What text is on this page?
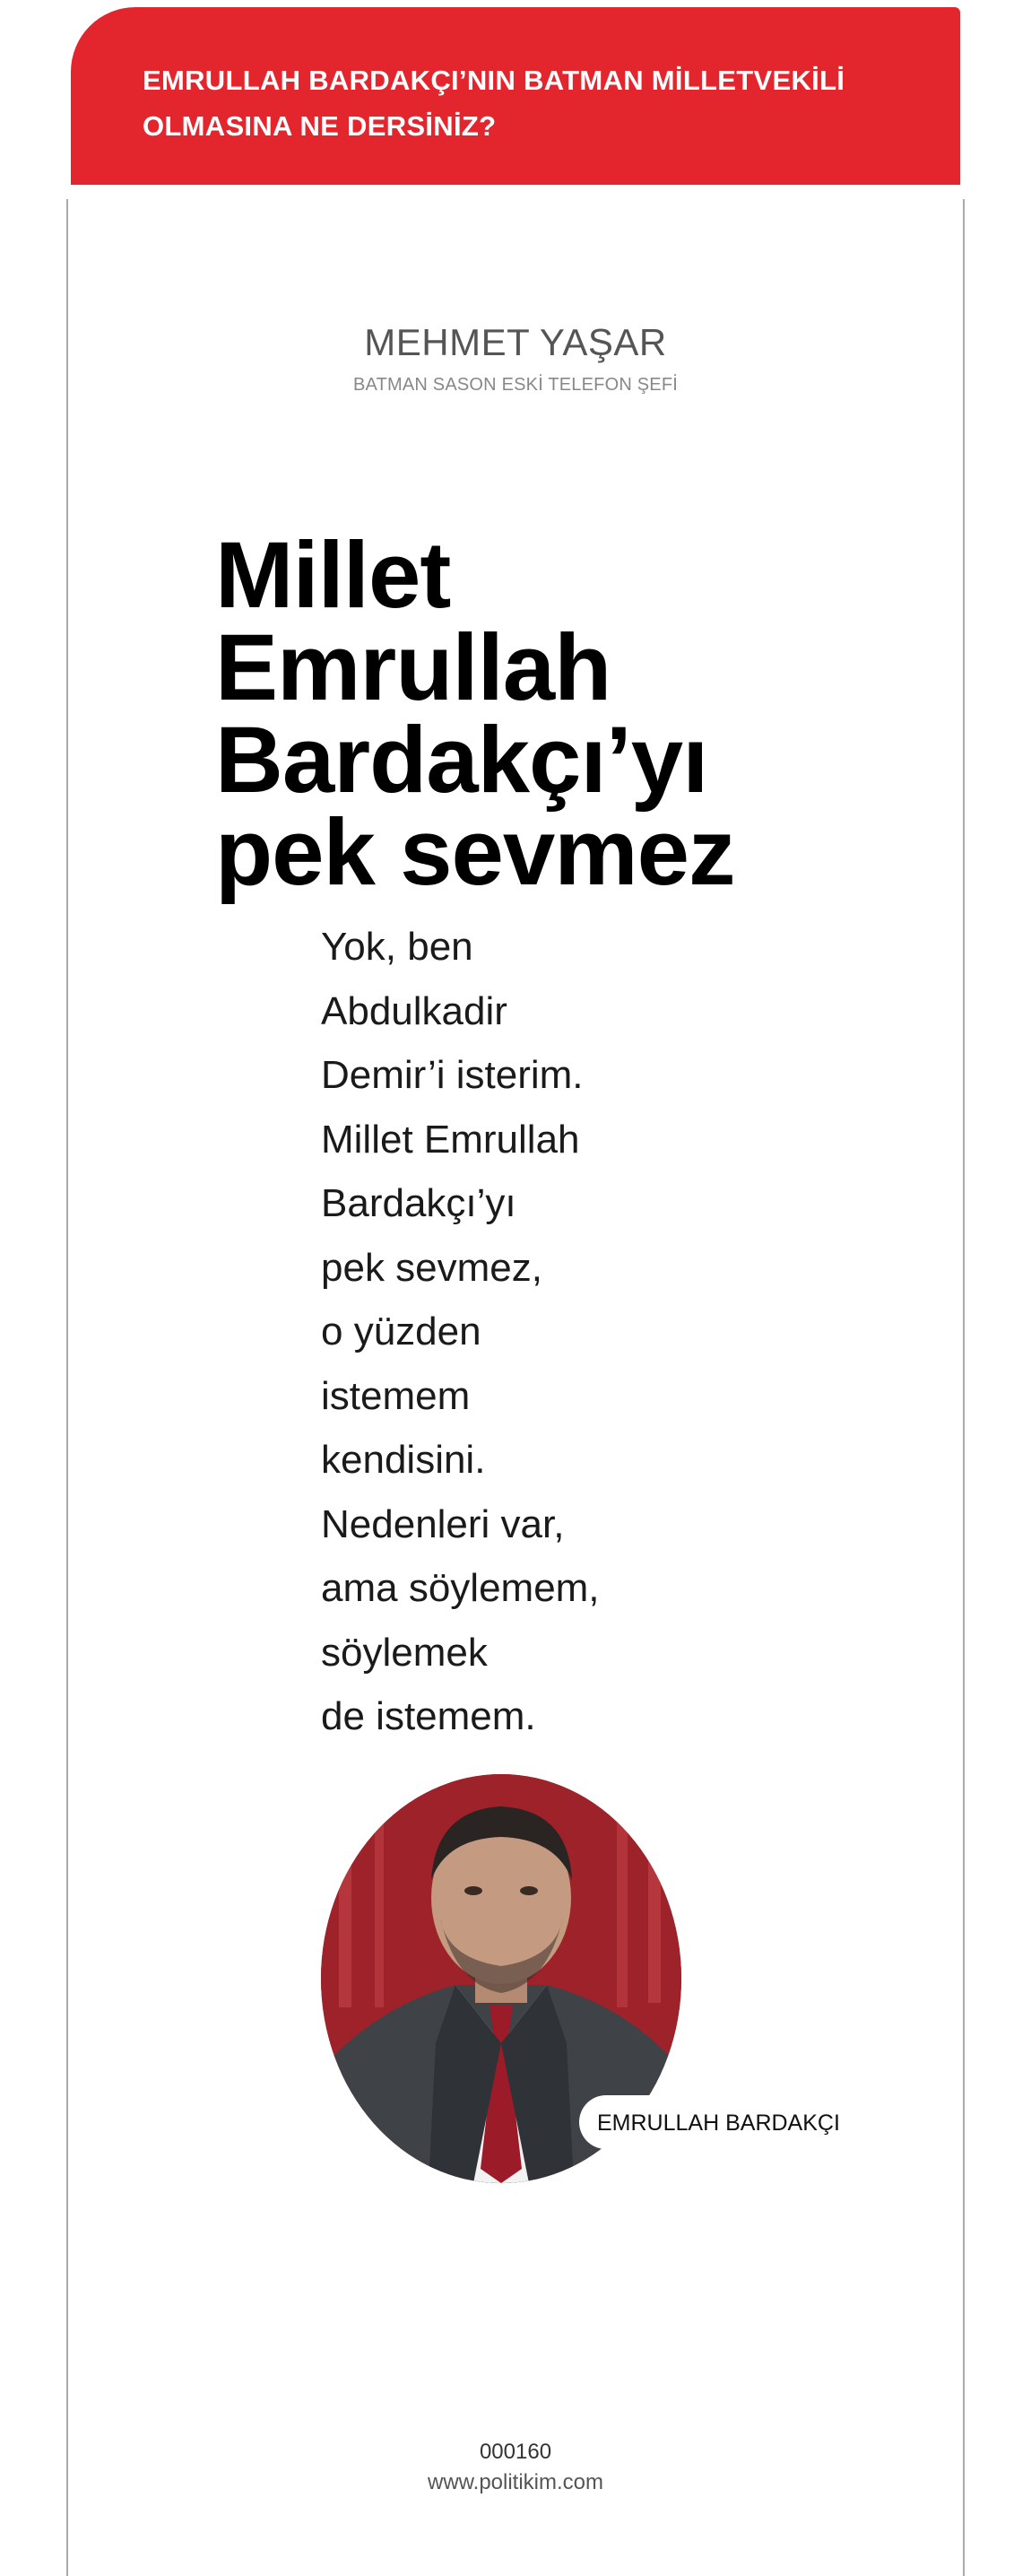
EMRULLAH BARDAKÇI’NIN BATMAN MİLLETVEKİLİ OLMASINA NE DERSİNİZ?
MEHMET YAŞAR
BATMAN SASON ESKİ TELEFON ŞEFİ
Millet
Emrullah
Bardakçı’yı
pek sevmez
Yok, ben
Abdulkadir
Demir’i isterim.
Millet Emrullah
Bardakçı’yı
pek sevmez,
o yüzden
istemem
kendisini.
Nedenleri var,
ama söylemem,
söylemek
de istemem.
EMRULLAH BARDAKÇI
000160
www.politikim.com
